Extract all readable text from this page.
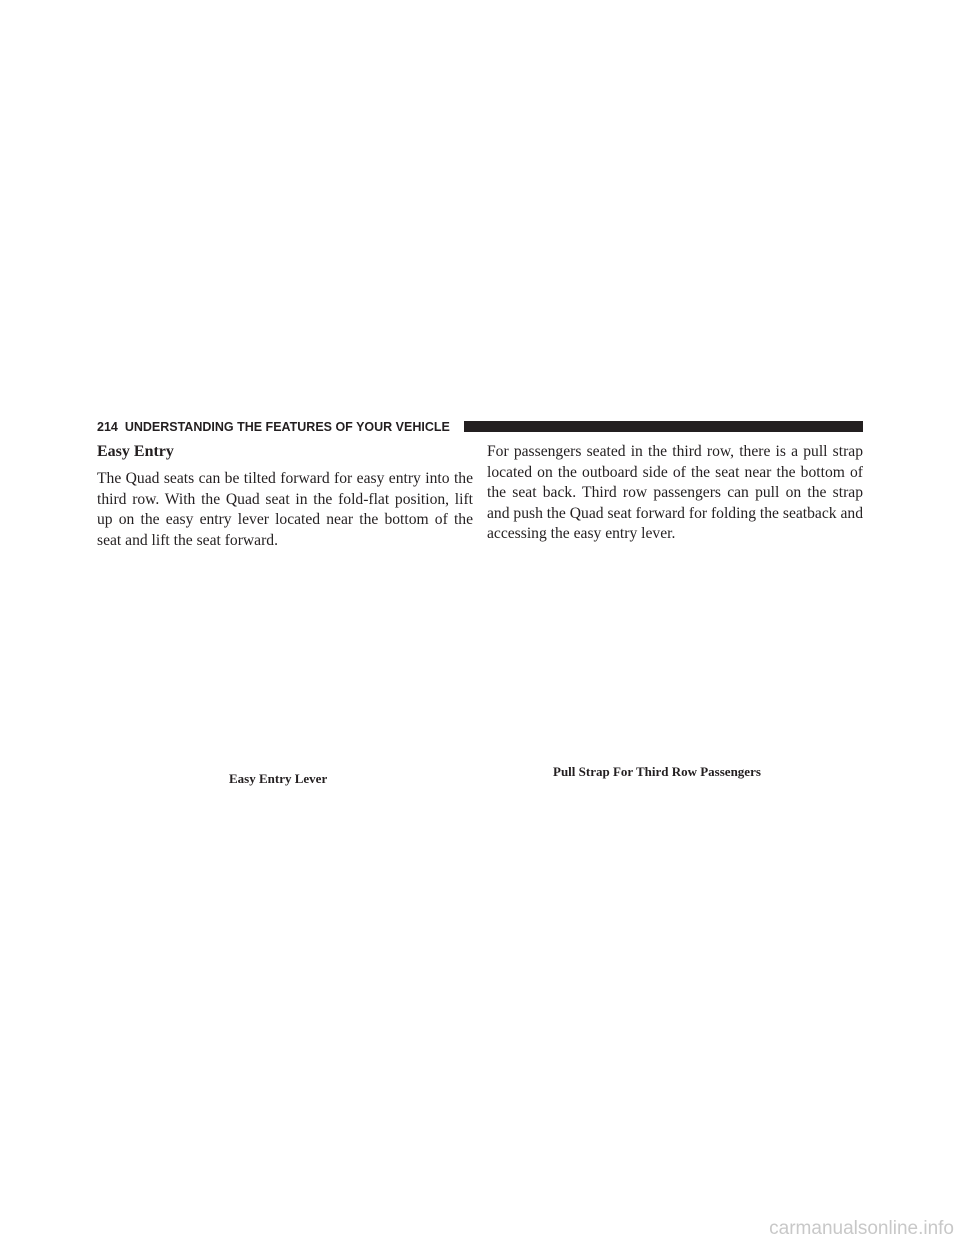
214 UNDERSTANDING THE FEATURES OF YOUR VEHICLE
Easy Entry

The Quad seats can be tilted forward for easy entry into the third row. With the Quad seat in the fold-flat position, lift up on the easy entry lever located near the bottom of the seat and lift the seat forward.

For passengers seated in the third row, there is a pull strap located on the outboard side of the seat near the bottom of the seat back. Third row passengers can pull on the strap and push the Quad seat forward for folding the seatback and accessing the easy entry lever.

Easy Entry Lever	Pull Strap For Third Row Passengers
carmanualsonline.info
